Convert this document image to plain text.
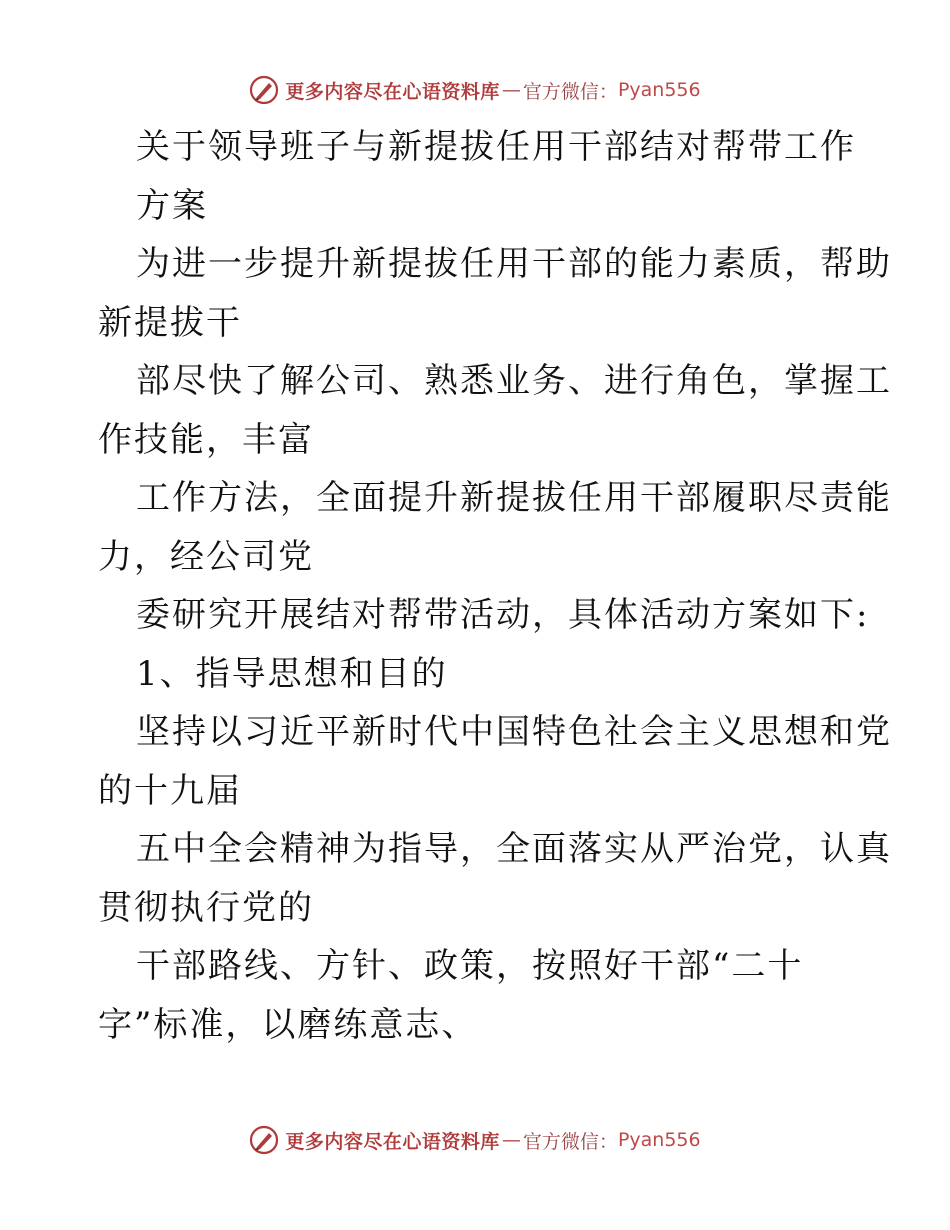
更多内容尽在心语资料库 — 官方微信： Pyan556
关于领导班子与新提拔任用干部结对帮带工作
方案
为进一步提升新提拔任用干部的能力素质，帮助
新提拔干
部尽快了解公司、熟悉业务、进行角色，掌握工
作技能，丰富
工作方法，全面提升新提拔任用干部履职尽责能
力，经公司党
委研究开展结对帮带活动，具体活动方案如下:
1、指导思想和目的
坚持以习近平新时代中国特色社会主义思想和党
的十九届
五中全会精神为指导，全面落实从严治党，认真
贯彻执行党的
干部路线、方针、政策，按照好干部“二十
字”标准，以磨练意志、
更多内容尽在心语资料库 — 官方微信： Pyan556
